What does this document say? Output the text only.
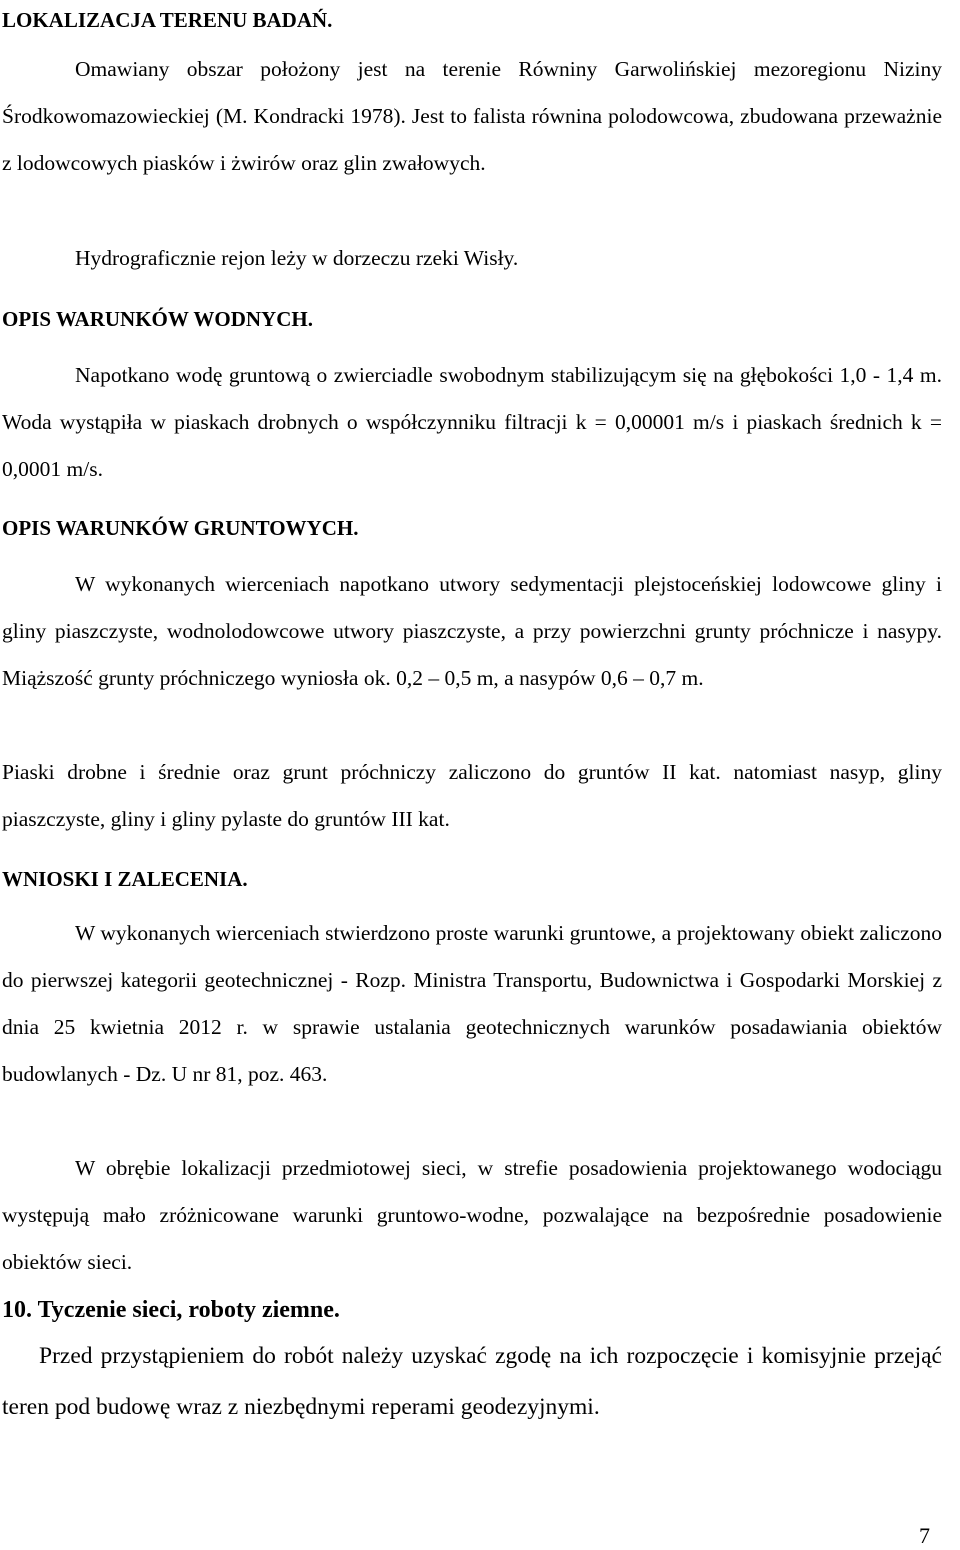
LOKALIZACJA TERENU BADAŃ.

Omawiany obszar położony jest na terenie Równiny Garwolińskiej mezoregionu Niziny Środkowomazowieckiej (M. Kondracki 1978). Jest to falista równina polodowcowa, zbudowana przeważnie z lodowcowych piasków i żwirów oraz glin zwałowych.

Hydrograficznie rejon leży w dorzeczu rzeki Wisły.

OPIS WARUNKÓW WODNYCH.

Napotkano wodę gruntową o zwierciadle swobodnym stabilizującym się na głębokości 1,0 - 1,4 m. Woda wystąpiła w piaskach drobnych o współczynniku filtracji k = 0,00001 m/s i piaskach średnich k = 0,0001 m/s.

OPIS WARUNKÓW GRUNTOWYCH.

W wykonanych wierceniach napotkano utwory sedymentacji plejstoceńskiej lodowcowe gliny i gliny piaszczyste, wodnolodowcowe utwory piaszczyste, a przy powierzchni grunty próchnicze i nasypy. Miąższość grunty próchniczego wyniosła ok. 0,2 – 0,5 m, a nasypów 0,6 – 0,7 m.

Piaski drobne i średnie oraz grunt próchniczy zaliczono do gruntów II kat. natomiast nasyp, gliny piaszczyste, gliny i gliny pylaste do gruntów III kat.

WNIOSKI I ZALECENIA.

W wykonanych wierceniach stwierdzono proste warunki gruntowe, a projektowany obiekt zaliczono do pierwszej kategorii geotechnicznej - Rozp. Ministra Transportu, Budownictwa i Gospodarki Morskiej z dnia 25 kwietnia 2012 r. w sprawie ustalania geotechnicznych warunków posadawiania obiektów budowlanych - Dz. U nr 81, poz. 463.

W obrębie lokalizacji przedmiotowej sieci, w strefie posadowienia projektowanego wodociągu występują mało zróżnicowane warunki gruntowo-wodne, pozwalające na bezpośrednie posadowienie obiektów sieci.

10. Tyczenie sieci, roboty ziemne.

Przed przystąpieniem do robót należy uzyskać zgodę na ich rozpoczęcie i komisyjnie przejąć teren pod budowę wraz z niezbędnymi reperami geodezyjnymi.

7
